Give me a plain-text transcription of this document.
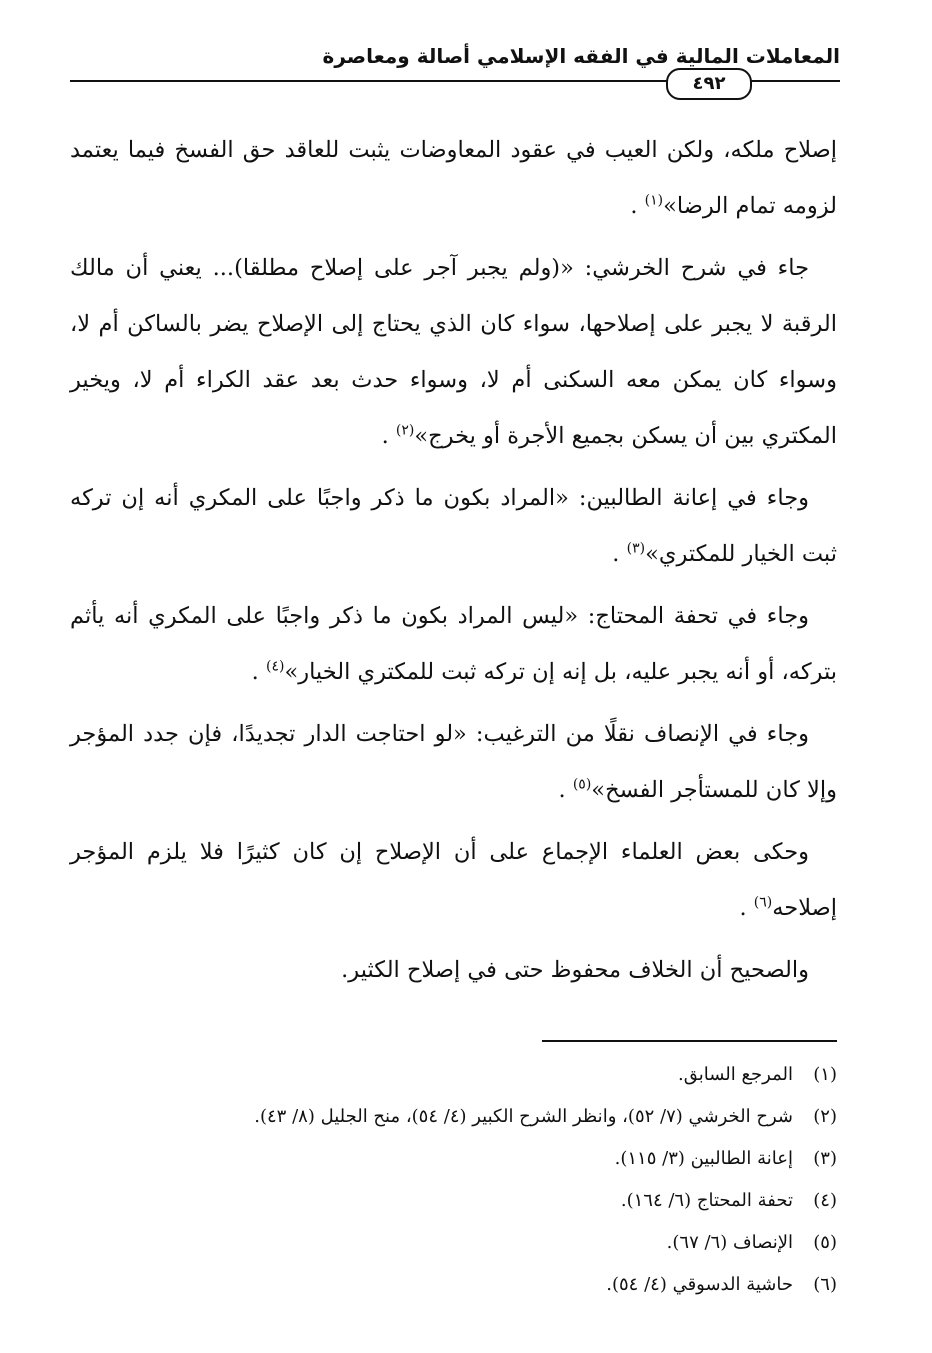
المعاملات المالية في الفقه الإسلامي أصالة ومعاصرة
٤٩٢

إصلاح ملكه، ولكن العيب في عقود المعاوضات يثبت للعاقد حق الفسخ فيما يعتمد لزومه تمام الرضا»$^{(١)}$ .

جاء في شرح الخرشي: «(ولم يجبر آجر على إصلاح مطلقا)... يعني أن مالك الرقبة لا يجبر على إصلاحها، سواء كان الذي يحتاج إلى الإصلاح يضر بالساكن أم لا، وسواء كان يمكن معه السكنى أم لا، وسواء حدث بعد عقد الكراء أم لا، ويخير المكتري بين أن يسكن بجميع الأجرة أو يخرج»$^{(٢)}$ .

وجاء في إعانة الطالبين: «المراد بكون ما ذكر واجبًا على المكري أنه إن تركه ثبت الخيار للمكتري»$^{(٣)}$ .

وجاء في تحفة المحتاج: «ليس المراد بكون ما ذكر واجبًا على المكري أنه يأثم بتركه، أو أنه يجبر عليه، بل إنه إن تركه ثبت للمكتري الخيار»$^{(٤)}$ .

وجاء في الإنصاف نقلًا من الترغيب: «لو احتاجت الدار تجديدًا، فإن جدد المؤجر وإلا كان للمستأجر الفسخ»$^{(٥)}$ .

وحكى بعض العلماء الإجماع على أن الإصلاح إن كان كثيرًا فلا يلزم المؤجر إصلاحه$^{(٦)}$ .

والصحيح أن الخلاف محفوظ حتى في إصلاح الكثير.

(١)المرجع السابق.
(٢)شرح الخرشي (٧/ ٥٢)، وانظر الشرح الكبير (٤/ ٥٤)، منح الجليل (٨/ ٤٣).
(٣)إعانة الطالبين (٣/ ١١٥).
(٤)تحفة المحتاج (٦/ ١٦٤).
(٥)الإنصاف (٦/ ٦٧).
(٦)حاشية الدسوقي (٤/ ٥٤).
